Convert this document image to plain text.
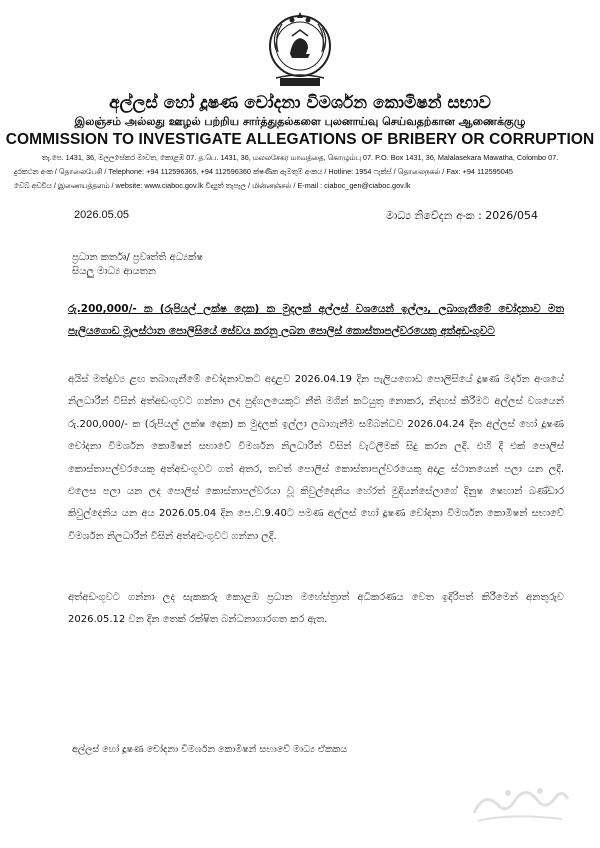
අල්ලස් හෝ දූෂණ චෝදනා විමර්ශන කොමිෂන් සභාව
இலஞ்சம் அல்லது ஊழல் பற்றிய சார்த்துதல்களை புலனாய்வு செய்வதற்கான ஆணைக்குழு
COMMISSION TO INVESTIGATE ALLEGATIONS OF BRIBERY OR CORRUPTION
තැ.පෙ. 1431, 36, මලලසේකර මාවත, කොළඹ 07. த.பெ. 1431, 36, மலலசேகர மாவத்தை, கொழும்பு 07. P.O. Box 1431, 36, Malalasekara Mawatha, Colombo 07.
දුරකථන අංක / தொலைபேசி / Telephone: +94 112596365, +94 112596360 ක්ෂණික ඇමතුම් අංකය / Hotline: 1954 ෆැක්ස් / தொலைநகல் / Fax: +94 112595045
වෙබ් අඩවිය / இணையத்தளம் / website: www.ciaboc.gov.lk විද්‍යුත් තැපෑල / மின்னஞ்சல் / E-mail : ciaboc_gen@ciaboc.gov.lk
2026.05.05	මාධ්‍ය නිවේදන අංක : 2026/054
ප්‍රධාන කර්තෘ/ ප්‍රවෘත්ති අධ්‍යක්ෂ
සියලු මාධ්‍ය ආයතන
රු.200,000/- ක (රුපියල් ලක්ෂ දෙක) ක මුදලක් අල්ලස් වශයෙන් ඉල්ලා, ලබාගැනීමේ චෝදනාව මත පැලියගොඩ මූලස්ථාන පොලිසියේ සේවය කරනු ලබන පොලිස් කොස්තාපල්වරයෙකු අත්අඩංගුවට
අයිස් මත්ද්‍රව්‍ය ළඟ තබාගැනීමේ චෝදනාවකට අදාළව 2026.04.19 දින පැලියගොඩ පොලිසියේ දූෂණ මර්දන අංශයේ නිලධාරීන් විසින් අත්අඩංගුවට ගන්නා ලද පුද්ගලයෙකුට නීති මගින් කටයුතු නොකර, නිදහස් කිරීමට අල්ලස් වශයෙන් රු.200,000/- ක (රුපියල් ලක්ෂ දෙක) ක මුදලක් ඉල්ලා ලබාගැනීම සම්බන්ධව 2026.04.24 දින අල්ලස් හෝ දූෂණ චෝදනා විමර්ශන කොමිෂන් සභාවේ විමර්ශන නිලධාරීන් විසින් වැටලීමක් සිදු කරන ලදී. එහි දී එක් පොලිස් කොස්තාපල්වරයෙකු අත්අඩංගුවට ගත් අතර, තවත් පොලිස් කොස්තාපල්වරයෙකු අදාළ ස්ථානයෙන් පලා යන ලදී. එලෙස පලා යන ලද පොලිස් කොස්තාපල්වරයා වූ කිවුල්දෙනිය හේරත් මුදියන්සේලාගේ දිනුෂ ෂෙහාන් බණ්ඩාර කිවුල්දෙනිය යන අය 2026.05.04 දින පෙ.ව.9.40ට පමණ අල්ලස් හෝ දූෂණ චෝදනා විමර්ශන කොමිෂන් සභාවේ විමර්ශන නිලධාරීන් විසින් අත්අඩංගුවට ගන්නා ලදී.
අත්අඩංගුවට ගන්නා ලද සැකකරු කොළඹ ප්‍රධාන මහේස්ත්‍රාත් අධිකරණය වෙත ඉදිරිපත් කිරීමෙන් අනතුරුව 2026.05.12 වන දින තෙක් රක්ෂිත බන්ධනාගාරගත කර ඇත.
අල්ලස් හෝ දූෂණ චෝදනා විමර්ශන කොමිෂන් සභාවේ මාධ්‍ය ඒකකය
